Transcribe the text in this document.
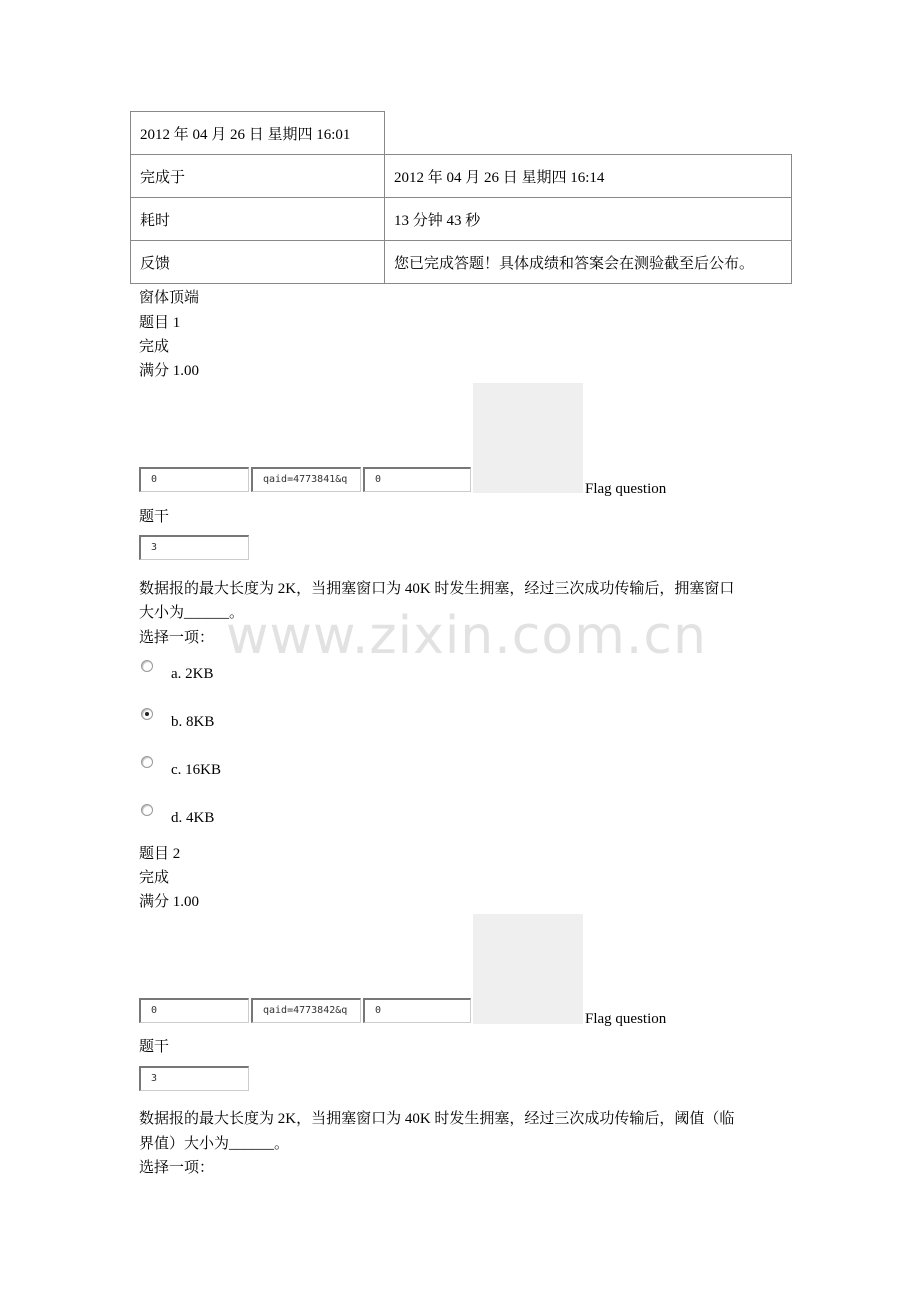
2012 年 04 月 26 日 星期四 16:01	
完成于	2012 年 04 月 26 日 星期四 16:14
耗时	13 分钟 43 秒
反馈	您已完成答题！具体成绩和答案会在测验截至后公布。
窗体顶端
题目 1
完成
满分 1.00
0	qaid=4773841&q	0
Flag question
题干
3
数据报的最大长度为 2K，当拥塞窗口为 40K 时发生拥塞，经过三次成功传输后，拥塞窗口
大小为______。
选择一项：
a. 2KB
b. 8KB
c. 16KB
d. 4KB
题目 2
完成
满分 1.00
0	qaid=4773842&q	0
Flag question
题干
3
数据报的最大长度为 2K，当拥塞窗口为 40K 时发生拥塞，经过三次成功传输后，阈值（临
界值）大小为______。
选择一项：
www.zixin.com.cn
